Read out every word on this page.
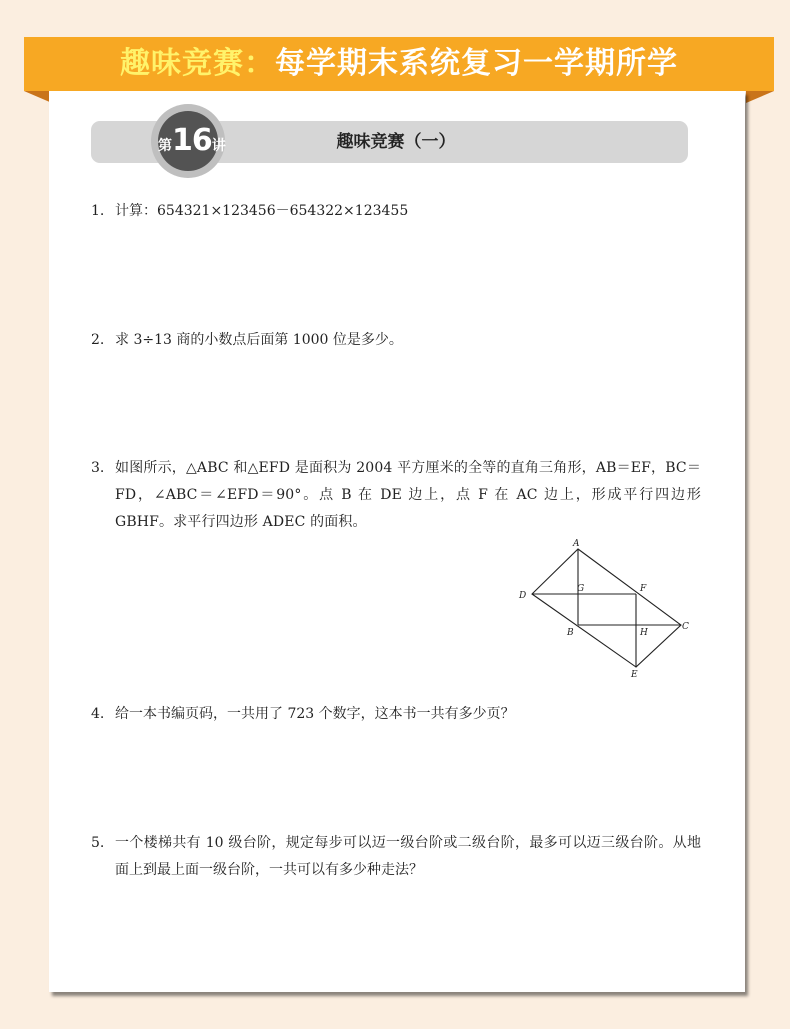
趣味竞赛：每学期末系统复习一学期所学
第16讲	趣味竞赛（一）
1. 计算：654321×123456－654322×123455
2. 求 3÷13 商的小数点后面第 1000 位是多少。
3. 如图所示，△ABC 和△EFD 是面积为 2004 平方厘米的全等的直角三角形，AB＝EF，BC＝FD，∠ABC＝∠EFD＝90°。点 B 在 DE 边上，点 F 在 AC 边上，形成平行四边形 GBHF。求平行四边形 ADEC 的面积。
A
D
G	F
B	H
C
E
4. 给一本书编页码，一共用了 723 个数字，这本书一共有多少页？
5. 一个楼梯共有 10 级台阶，规定每步可以迈一级台阶或二级台阶，最多可以迈三级台阶。从地面上到最上面一级台阶，一共可以有多少种走法？
